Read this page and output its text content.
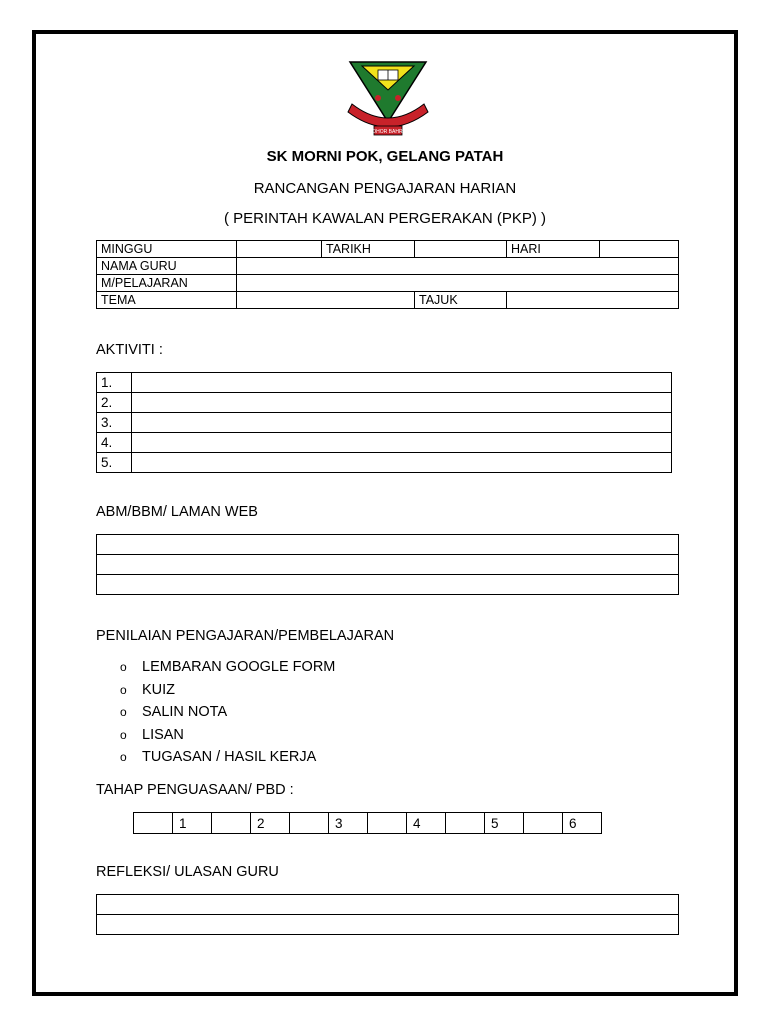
JOHOR BAHRU
SK MORNI POK, GELANG PATAH
RANCANGAN PENGAJARAN HARIAN
( PERINTAH KAWALAN PERGERAKAN (PKP) )
MINGGU		TARIKH		HARI	
NAMA GURU					
M/PELAJARAN					
TEMA			TAJUK		
AKTIVITI :
1.	
2.	
3.	
4.	
5.	
ABM/BBM/ LAMAN WEB

PENILAIAN PENGAJARAN/PEMBELAJARAN
o LEMBARAN GOOGLE FORM
o KUIZ
o SALIN NOTA
o LISAN
o TUGASAN / HASIL KERJA
TAHAP PENGUASAAN/ PBD :
	1		2		3		4		5		6
REFLEKSI/ ULASAN GURU
